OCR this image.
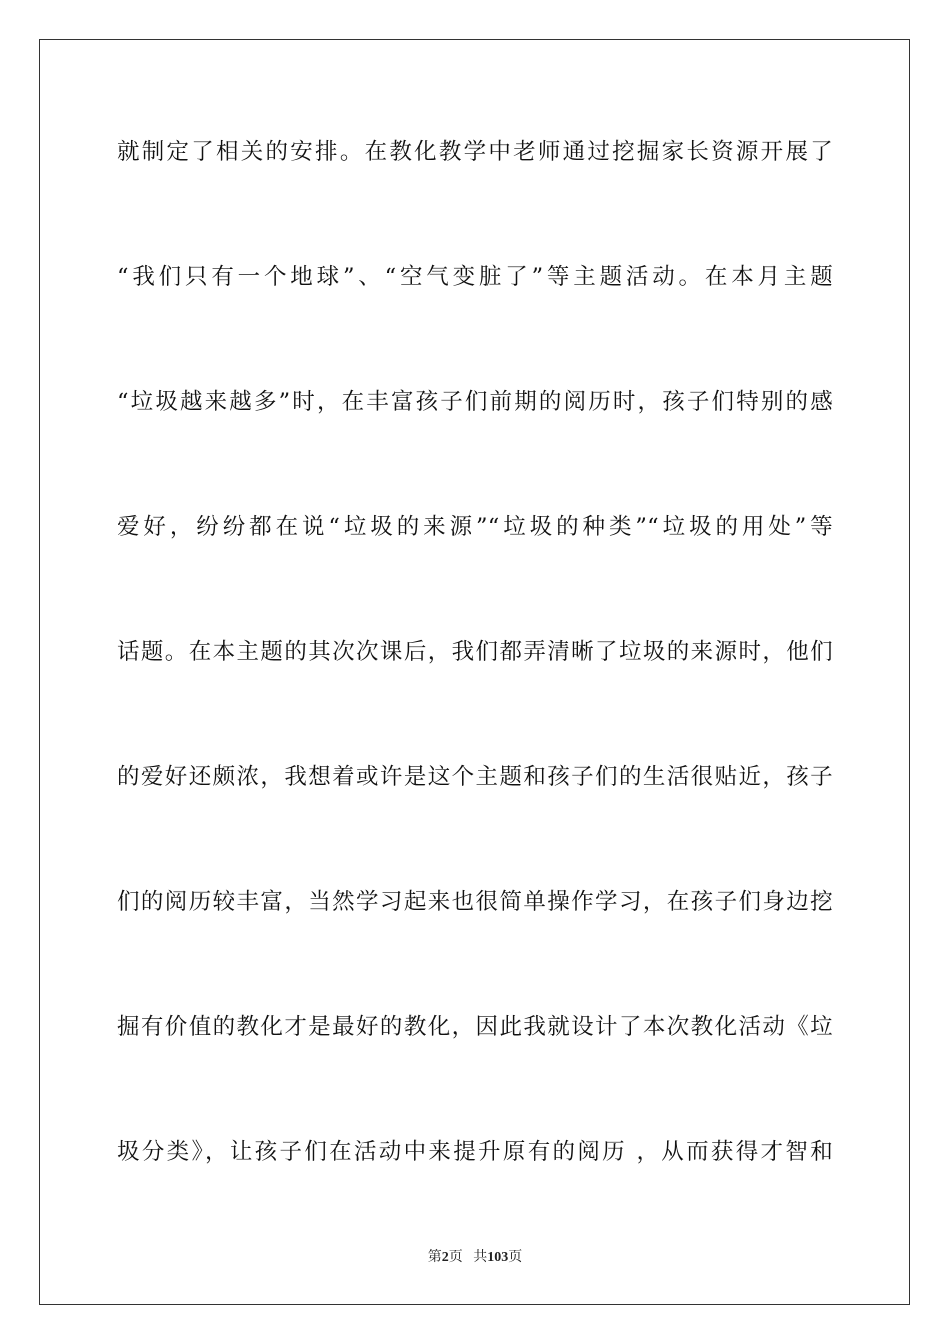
就制定了相关的安排。在教化教学中老师通过挖掘家长资源开展了
“我们只有一个地球”、“空气变脏了”等主题活动。在本月主题
“垃圾越来越多”时，在丰富孩子们前期的阅历时，孩子们特别的感
爱好，纷纷都在说“垃圾的来源”“垃圾的种类”“垃圾的用处”等
话题。在本主题的其次次课后，我们都弄清晰了垃圾的来源时，他们
的爱好还颇浓，我想着或许是这个主题和孩子们的生活很贴近，孩子
们的阅历较丰富，当然学习起来也很简单操作学习，在孩子们身边挖
掘有价值的教化才是最好的教化，因此我就设计了本次教化活动《垃
圾分类》，让孩子们在活动中来提升原有的阅历 ，从而获得才智和
第2页 共103页
